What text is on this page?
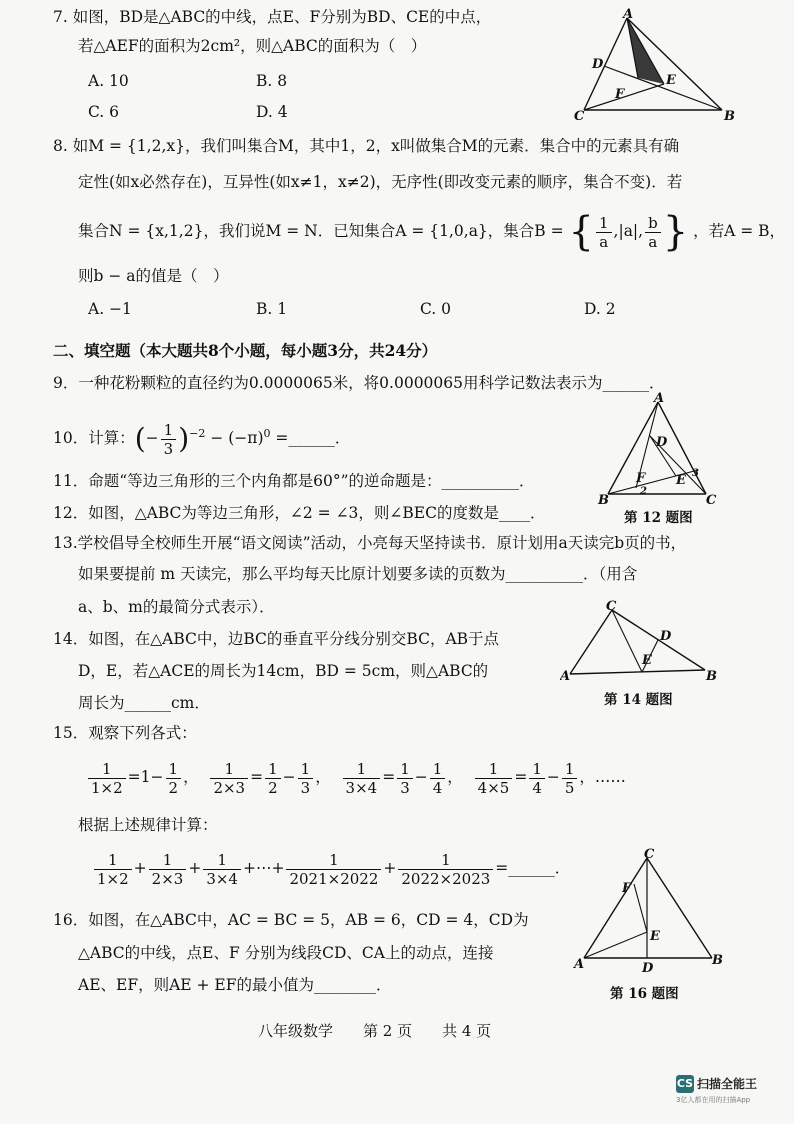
7. 如图，BD是△ABC的中线，点E、F分别为BD、CE的中点，
若△AEF的面积为2cm²，则△ABC的面积为（　）
A. 10	B. 8
C. 6	D. 4
A
B
C
D
E
F
8. 如M = {1,2,x}，我们叫集合M，其中1，2，x叫做集合M的元素．集合中的元素具有确
定性(如x必然存在)，互异性(如x≠1，x≠2)，无序性(即改变元素的顺序，集合不变)．若
集合N = {x,1,2}，我们说M = N．已知集合A = {1,0,a}，集合B = { $\frac{1}{a} ,|a|$, $\frac{b}{a}$ } ，若A = B，
则b − a的值是（　）
A. −1	B. 1	C. 0	D. 2
二、填空题（本大题共8个小题，每小题3分，共24分）
9．一种花粉颗粒的直径约为0.0000065米，将0.0000065用科学记数法表示为______．
10．计算：(− $\frac{1}{3} )^{-2} - (-\pi)^0$ =______．
A
B	C
D
E
F
2
3
第 12 题图
11．命题“等边三角形的三个内角都是60°”的逆命题是：__________．
12．如图，△ABC为等边三角形，∠2 = ∠3，则∠BEC的度数是____．
13.学校倡导全校师生开展“语文阅读”活动，小亮每天坚持读书．原计划用a天读完b页的书，
如果要提前 m 天读完，那么平均每天比原计划要多读的页数为__________．（用含
a、b、m的最简分式表示）．
14．如图，在△ABC中，边BC的垂直平分线分别交BC，AB于点
D，E，若△ACE的周长为14cm，BD = 5cm，则△ABC的
周长为______cm．
C
A	B
D
E
第 14 题图
15．观察下列各式：
$\frac{1}{1\times 2} =1- \frac{1}{2}$ ， $\frac{1}{2\times 3} = \frac{1}{2} - \frac{1}{3}$ ， $\frac{1}{3\times 4} = \frac{1}{3} - \frac{1}{4}$ ， $\frac{1}{4\times 5} = \frac{1}{4} - \frac{1}{5}$ ，……
根据上述规律计算：
$\frac{1}{1\times 2} + \frac{1}{2\times 3} + \frac{1}{3\times 4}$ +⋯+ $\frac{1}{2021\times 2022} + \frac{1}{2022\times 2023}$ =______．
16．如图，在△ABC中，AC = BC = 5，AB = 6，CD = 4，CD为
△ABC的中线，点E、F 分别为线段CD、CA上的动点，连接
AE、EF，则AE + EF的最小值为________．
C
A	B
D
E
F
第 16 题图
八年级数学　　第 2 页　　共 4 页
CS 扫描全能王
3亿人都在用的扫描App
